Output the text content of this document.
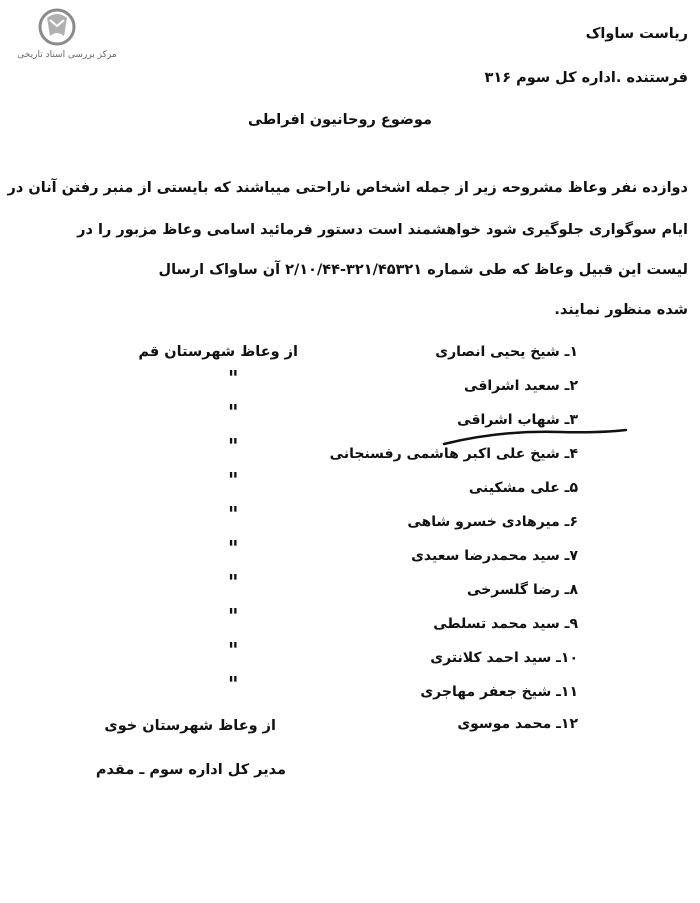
مرکز بررسی اسناد تاریخی
ریاست ساواک
فرستنده .اداره کل سوم ۳۱۶
موضوع روحانیون افراطی
دوازده نفر وعاظ مشروحه زیر از جمله اشخاص ناراحتی میباشند که بایستی از منبر رفتن آنان در
ایام سوگواری جلوگیری شود خواهشمند است دستور فرمائید اسامی وعاظ مزبور را در
لیست این قبیل وعاظ که طی شماره ۳۲۱/۴۵۳۲۱-۲/۱۰/۴۴ آن ساواک ارسال
شده منظور نمایند.
از وعاظ شهرستان قم
"
"
"
"
"
"
"
"
"
"
۱ـ شیخ یحیی انصاری
۲ـ سعید اشراقی
۳ـ شهاب اشراقی
۴ـ شیخ علی اکبر هاشمی رفسنجانی
۵ـ علی مشکینی
۶ـ میرهادی خسرو شاهی
۷ـ سید محمدرضا سعیدی
۸ـ رضا گلسرخی
۹ـ سید محمد تسلطی
۱۰ـ سید احمد کلانتری
۱۱ـ شیخ جعفر مهاجری
۱۲ـ محمد موسوی
از وعاظ شهرستان خوی
مدیر کل اداره سوم ـ مقدم
